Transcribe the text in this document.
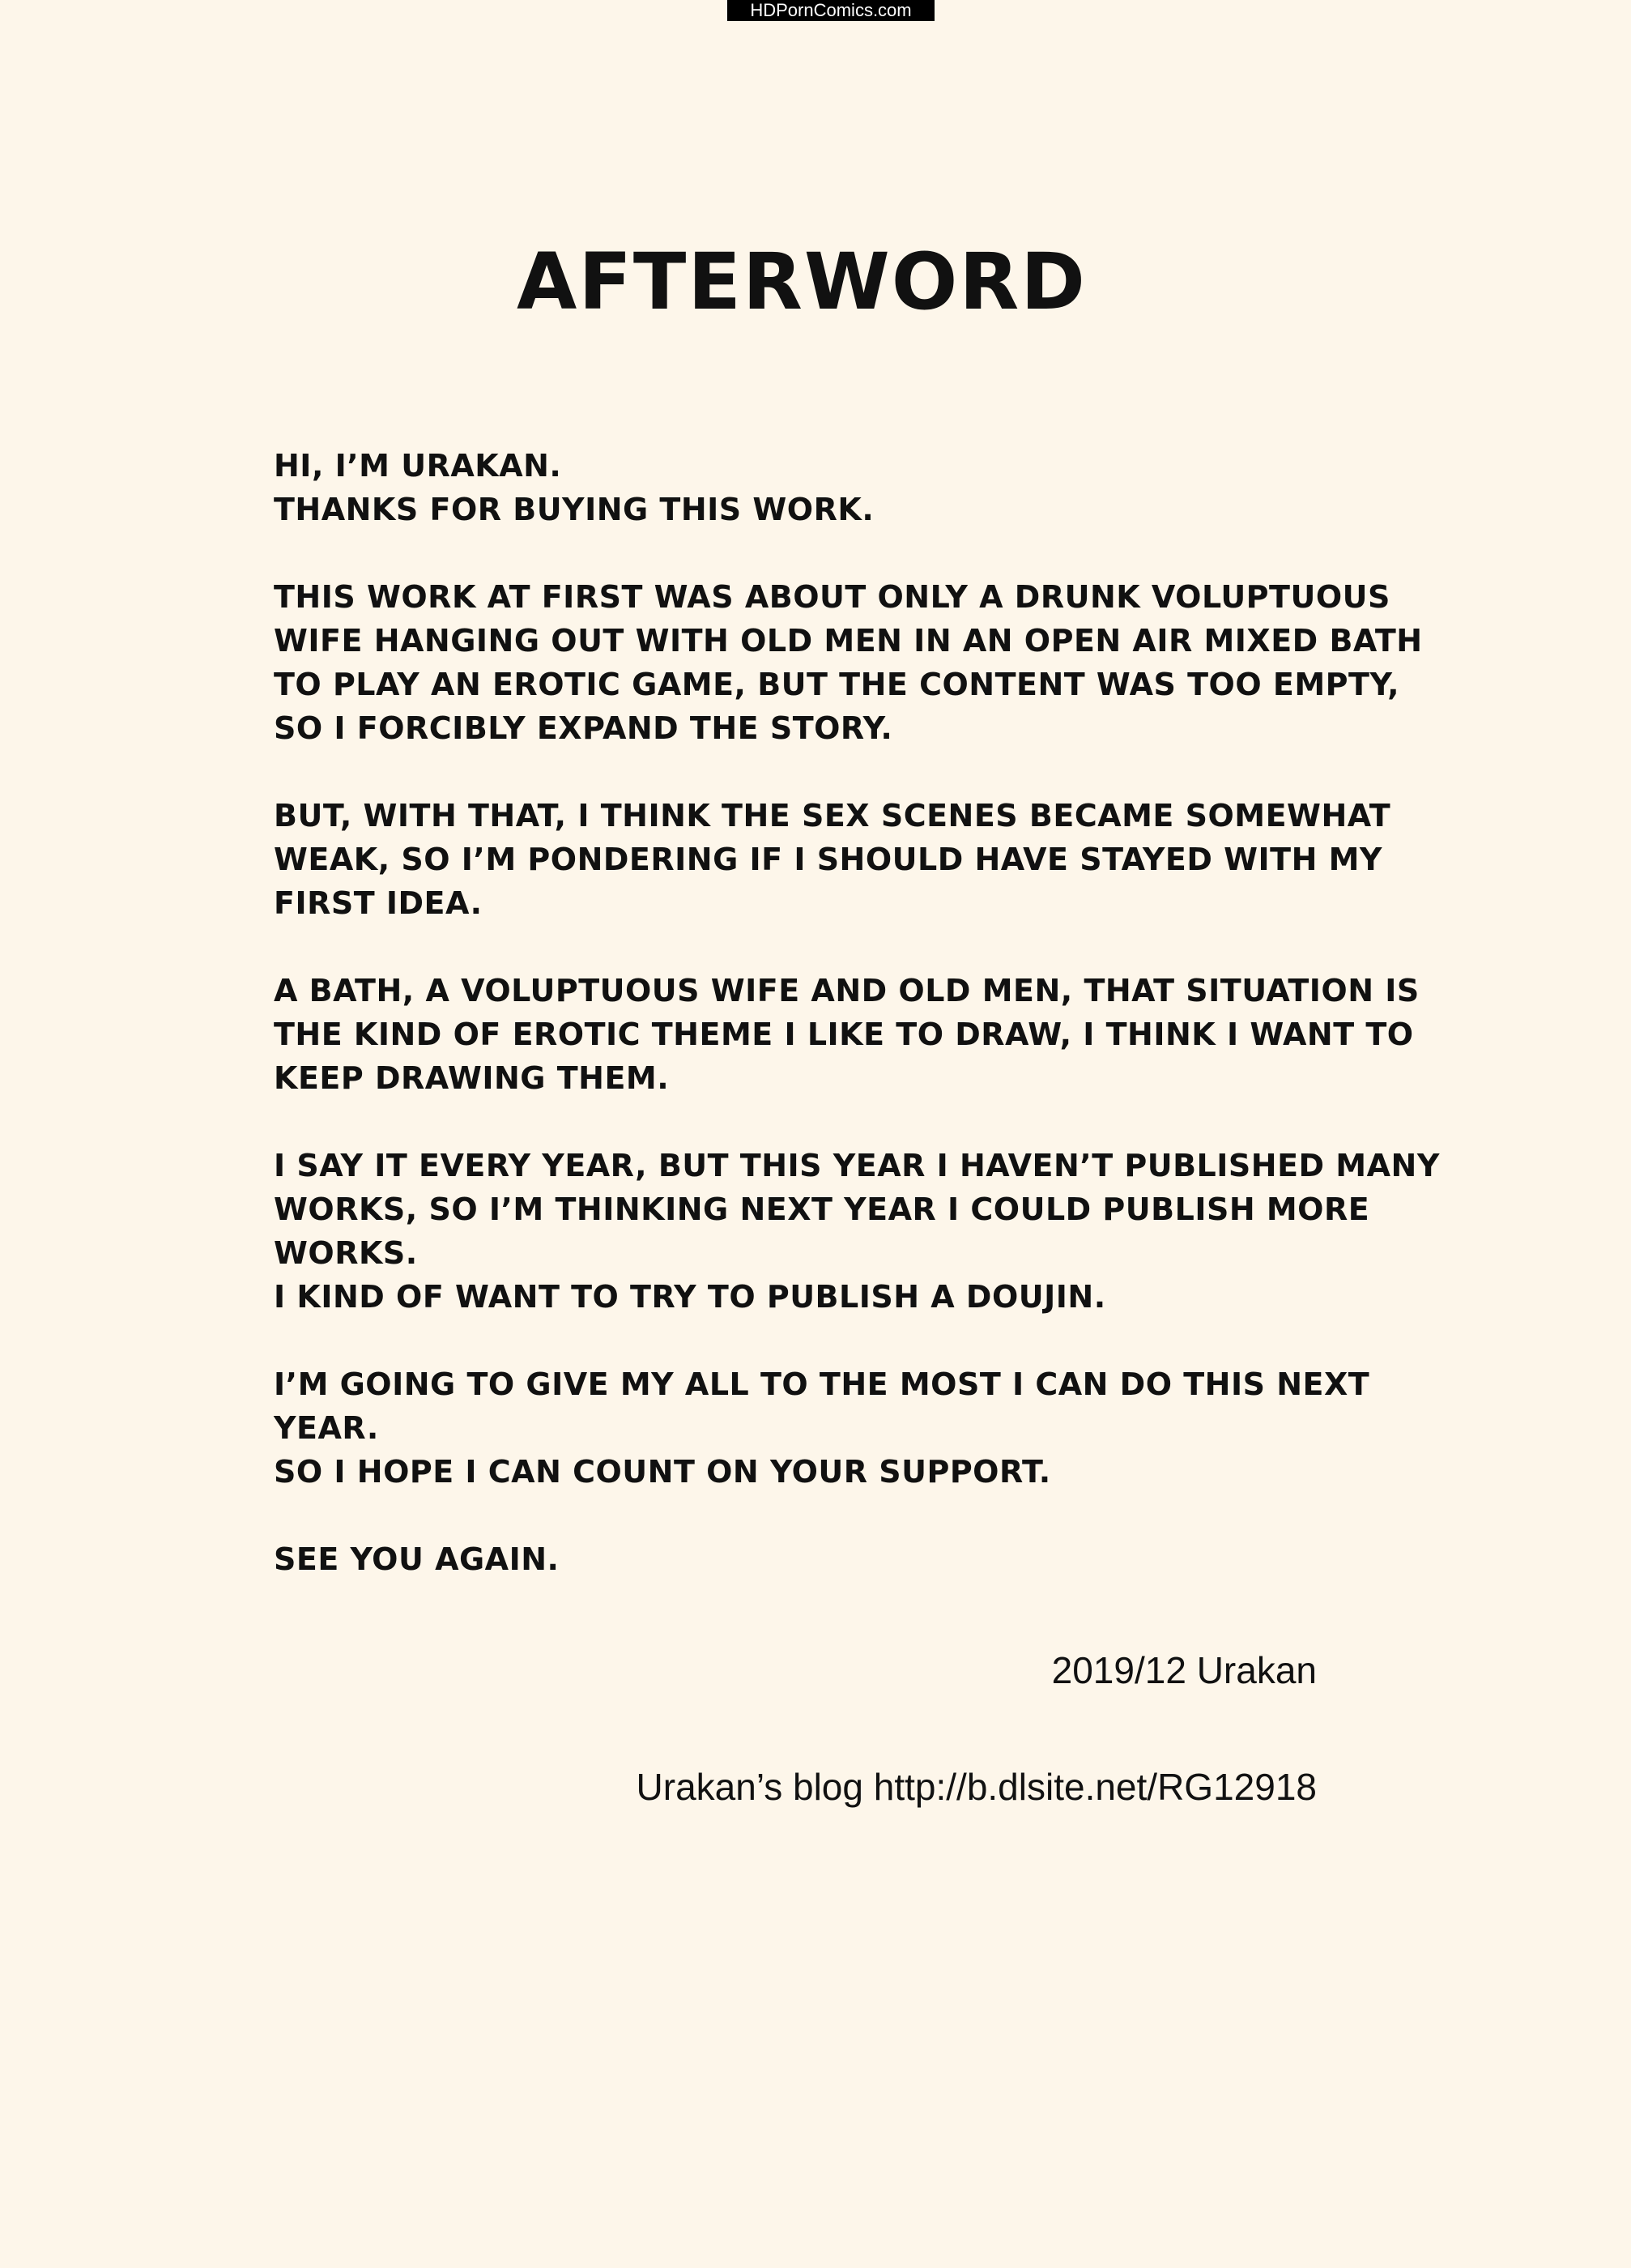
HDPornComics.com
AFTERWORD
HI, I’M URAKAN.
THANKS FOR BUYING THIS WORK.
THIS WORK AT FIRST WAS ABOUT ONLY A DRUNK VOLUPTUOUS
WIFE HANGING OUT WITH OLD MEN IN AN OPEN AIR MIXED BATH
TO PLAY AN EROTIC GAME, BUT THE CONTENT WAS TOO EMPTY,
SO I FORCIBLY EXPAND THE STORY.
BUT, WITH THAT, I THINK THE SEX SCENES BECAME SOMEWHAT
WEAK, SO I’M PONDERING IF I SHOULD HAVE STAYED WITH MY
FIRST IDEA.
A BATH, A VOLUPTUOUS WIFE AND OLD MEN, THAT SITUATION IS
THE KIND OF EROTIC THEME I LIKE TO DRAW, I THINK I WANT TO
KEEP DRAWING THEM.
I SAY IT EVERY YEAR, BUT THIS YEAR I HAVEN’T PUBLISHED MANY
WORKS, SO I’M THINKING NEXT YEAR I COULD PUBLISH MORE
WORKS.
I KIND OF WANT TO TRY TO PUBLISH A DOUJIN.
I’M GOING TO GIVE MY ALL TO THE MOST I CAN DO THIS NEXT
YEAR.
SO I HOPE I CAN COUNT ON YOUR SUPPORT.
SEE YOU AGAIN.
2019/12 Urakan
Urakan’s blog http://b.dlsite.net/RG12918
